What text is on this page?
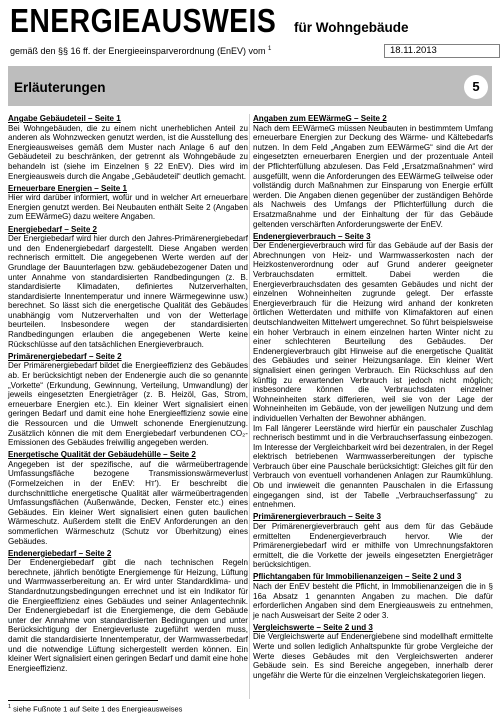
ENERGIEAUSWEIS für Wohngebäude
gemäß den §§ 16 ff. der Energieeinsparverordnung (EnEV) vom $^1$	18.11.2013
Erläuterungen	5
Angabe Gebäudeteil – Seite 1
Bei Wohngebäuden, die zu einem nicht unerheblichen Anteil zu anderen als Wohnzwecken genutzt werden, ist die Ausstellung des Energieausweises gemäß dem Muster nach Anlage 6 auf den Gebäudeteil zu beschränken, der getrennt als Wohngebäude zu behandeln ist (siehe im Einzelnen § 22 EnEV). Dies wird im Energieausweis durch die Angabe „Gebäudeteil“ deutlich gemacht.
Erneuerbare Energien – Seite 1
Hier wird darüber informiert, wofür und in welcher Art erneuerbare Energien genutzt werden. Bei Neubauten enthält Seite 2 (Angaben zum EEWärmeG) dazu weitere Angaben.
Energiebedarf – Seite 2
Der Energiebedarf wird hier durch den Jahres-Primärenergiebedarf und den Endenergiebedarf dargestellt. Diese Angaben werden rechnerisch ermittelt. Die angegebenen Werte werden auf der Grundlage der Bauunterlagen bzw. gebäudebezogener Daten und unter Annahme von standardisierten Randbedingungen (z. B. standardisierte Klimadaten, definiertes Nutzerverhalten, standardisierte Innentemperatur und innere Wärmegewinne usw.) berechnet. So lässt sich die energetische Qualität des Gebäudes unabhängig vom Nutzerverhalten und von der Wetterlage beurteilen. Insbesondere wegen der standardisierten Randbedingungen erlauben die angegebenen Werte keine Rückschlüsse auf den tatsächlichen Energieverbrauch.
Primärenergiebedarf – Seite 2
Der Primärenergiebedarf bildet die Energieeffizienz des Gebäudes ab. Er berücksichtigt neben der Endenergie auch die so genannte „Vorkette“ (Erkundung, Gewinnung, Verteilung, Umwandlung) der jeweils eingesetzten Energieträger (z. B. Heizöl, Gas, Strom, erneuerbare Energien etc.). Ein kleiner Wert signalisiert einen geringen Bedarf und damit eine hohe Energieeffizienz sowie eine die Ressourcen und die Umwelt schonende Energienutzung. Zusätzlich können die mit dem Energiebedarf verbundenen CO₂-Emissionen des Gebäudes freiwillig angegeben werden.
Energetische Qualität der Gebäudehülle – Seite 2
Angegeben ist der spezifische, auf die wärmeübertragende Umfassungsfläche bezogene Transmissionswärmeverlust (Formelzeichen in der EnEV: Hᴛ'). Er beschreibt die durchschnittliche energetische Qualität aller wärmeübertragenden Umfassungsflächen (Außenwände, Decken, Fenster etc.) eines Gebäudes. Ein kleiner Wert signalisiert einen guten baulichen Wärmeschutz. Außerdem stellt die EnEV Anforderungen an den sommerlichen Wärmeschutz (Schutz vor Überhitzung) eines Gebäudes.
Endenergiebedarf – Seite 2
Der Endenergiebedarf gibt die nach technischen Regeln berechnete, jährlich benötigte Energiemenge für Heizung, Lüftung und Warmwasserbereitung an. Er wird unter Standardklima- und Standardnutzungsbedingungen errechnet und ist ein Indikator für die Energieeffizienz eines Gebäudes und seiner Anlagentechnik. Der Endenergiebedarf ist die Energiemenge, die dem Gebäude unter der Annahme von standardisierten Bedingungen und unter Berücksichtigung der Energieverluste zugeführt werden muss, damit die standardisierte Innentemperatur, der Warmwasserbedarf und die notwendige Lüftung sichergestellt werden können. Ein kleiner Wert signalisiert einen geringen Bedarf und damit eine hohe Energieeffizienz.
Angaben zum EEWärmeG – Seite 2
Nach dem EEWärmeG müssen Neubauten in bestimmtem Umfang erneuerbare Energien zur Deckung des Wärme- und Kältebedarfs nutzen. In dem Feld „Angaben zum EEWärmeG“ sind die Art der eingesetzten erneuerbaren Energien und der prozentuale Anteil der Pflichterfüllung abzulesen. Das Feld „Ersatzmaßnahmen“ wird ausgefüllt, wenn die Anforderungen des EEWärmeG teilweise oder vollständig durch Maßnahmen zur Einsparung von Energie erfüllt werden. Die Angaben dienen gegenüber der zuständigen Behörde als Nachweis des Umfangs der Pflichterfüllung durch die Ersatzmaßnahme und der Einhaltung der für das Gebäude geltenden verschärften Anforderungswerte der EnEV.
Endenergieverbrauch – Seite 3
Der Endenergieverbrauch wird für das Gebäude auf der Basis der Abrechnungen von Heiz- und Warmwasserkosten nach der Heizkostenverordnung oder auf Grund anderer geeigneter Verbrauchsdaten ermittelt. Dabei werden die Energieverbrauchsdaten des gesamten Gebäudes und nicht der einzelnen Wohneinheiten zugrunde gelegt. Der erfasste Energieverbrauch für die Heizung wird anhand der konkreten örtlichen Wetterdaten und mithilfe von Klimafaktoren auf einen deutschlandweiten Mittelwert umgerechnet. So führt beispielsweise ein hoher Verbrauch in einem einzelnen harten Winter nicht zu einer schlechteren Beurteilung des Gebäudes. Der Endenergieverbrauch gibt Hinweise auf die energetische Qualität des Gebäudes und seiner Heizungsanlage. Ein kleiner Wert signalisiert einen geringen Verbrauch. Ein Rückschluss auf den künftig zu erwartenden Verbrauch ist jedoch nicht möglich; insbesondere können die Verbrauchsdaten einzelner Wohneinheiten stark differieren, weil sie von der Lage der Wohneinheiten im Gebäude, von der jeweiligen Nutzung und dem individuellen Verhalten der Bewohner abhängen.
Im Fall längerer Leerstände wird hierfür ein pauschaler Zuschlag rechnerisch bestimmt und in die Verbrauchserfassung einbezogen. Im Interesse der Vergleichbarkeit wird bei dezentralen, in der Regel elektrisch betriebenen Warmwasserbereitungen der typische Verbrauch über eine Pauschale berücksichtigt: Gleiches gilt für den Verbrauch von eventuell vorhandenen Anlagen zur Raumkühlung. Ob und inwieweit die genannten Pauschalen in die Erfassung eingegangen sind, ist der Tabelle „Verbrauchserfassung“ zu entnehmen.
Primärenergieverbrauch – Seite 3
Der Primärenergieverbrauch geht aus dem für das Gebäude ermittelten Endenergieverbrauch hervor. Wie der Primärenergiebedarf wird er mithilfe von Umrechnungsfaktoren ermittelt, die die Vorkette der jeweils eingesetzten Energieträger berücksichtigen.
Pflichtangaben für Immobilienanzeigen – Seite 2 und 3
Nach der EnEV besteht die Pflicht, in Immobilienanzeigen die in § 16a Absatz 1 genannten Angaben zu machen. Die dafür erforderlichen Angaben sind dem Energieausweis zu entnehmen, je nach Ausweisart der Seite 2 oder 3.
Vergleichswerte – Seite 2 und 3
Die Vergleichswerte auf Endenergiebene sind modellhaft ermittelte Werte und sollen lediglich Anhaltspunkte für grobe Vergleiche der Werte dieses Gebäudes mit den Vergleichswerten anderer Gebäude sein. Es sind Bereiche angegeben, innerhalb derer ungefähr die Werte für die einzelnen Vergleichskategorien liegen.
$^1$ siehe Fußnote 1 auf Seite 1 des Energieausweises
